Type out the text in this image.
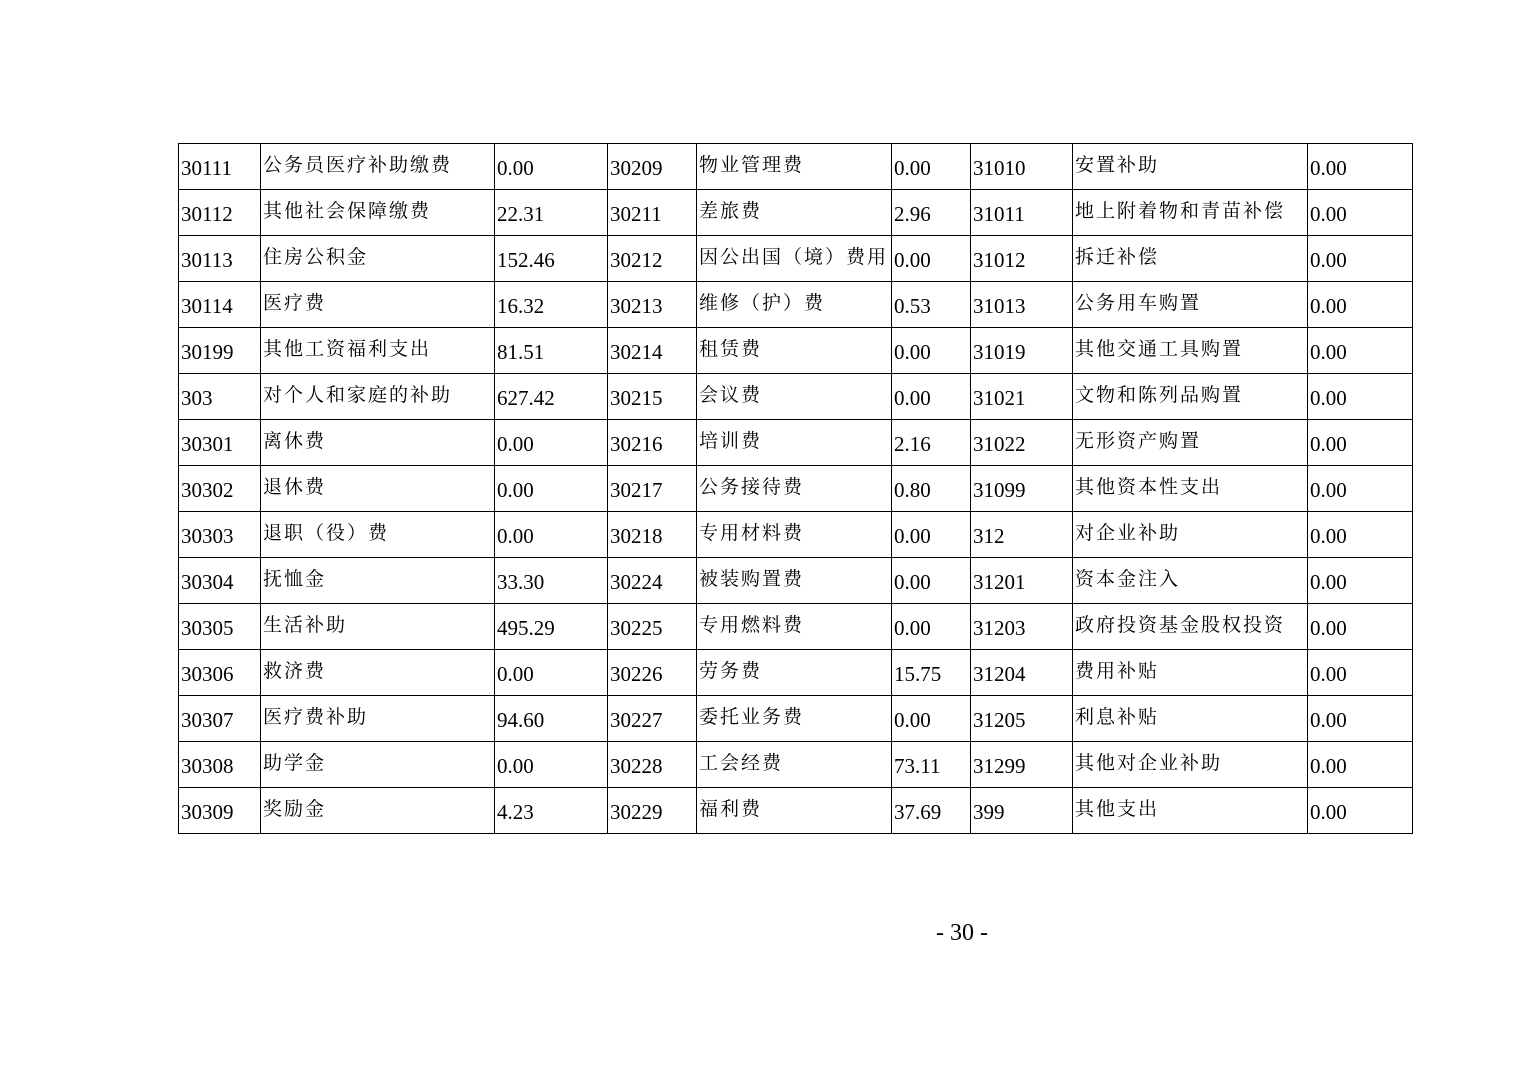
30111	公务员医疗补助缴费	0.00	30209	物业管理费	0.00	31010	安置补助	0.00
30112	其他社会保障缴费	22.31	30211	差旅费	2.96	31011	地上附着物和青苗补偿	0.00
30113	住房公积金	152.46	30212	因公出国（境）费用	0.00	31012	拆迁补偿	0.00
30114	医疗费	16.32	30213	维修（护）费	0.53	31013	公务用车购置	0.00
30199	其他工资福利支出	81.51	30214	租赁费	0.00	31019	其他交通工具购置	0.00
303	对个人和家庭的补助	627.42	30215	会议费	0.00	31021	文物和陈列品购置	0.00
30301	离休费	0.00	30216	培训费	2.16	31022	无形资产购置	0.00
30302	退休费	0.00	30217	公务接待费	0.80	31099	其他资本性支出	0.00
30303	退职（役）费	0.00	30218	专用材料费	0.00	312	对企业补助	0.00
30304	抚恤金	33.30	30224	被装购置费	0.00	31201	资本金注入	0.00
30305	生活补助	495.29	30225	专用燃料费	0.00	31203	政府投资基金股权投资	0.00
30306	救济费	0.00	30226	劳务费	15.75	31204	费用补贴	0.00
30307	医疗费补助	94.60	30227	委托业务费	0.00	31205	利息补贴	0.00
30308	助学金	0.00	30228	工会经费	73.11	31299	其他对企业补助	0.00
30309	奖励金	4.23	30229	福利费	37.69	399	其他支出	0.00
- 30 -
